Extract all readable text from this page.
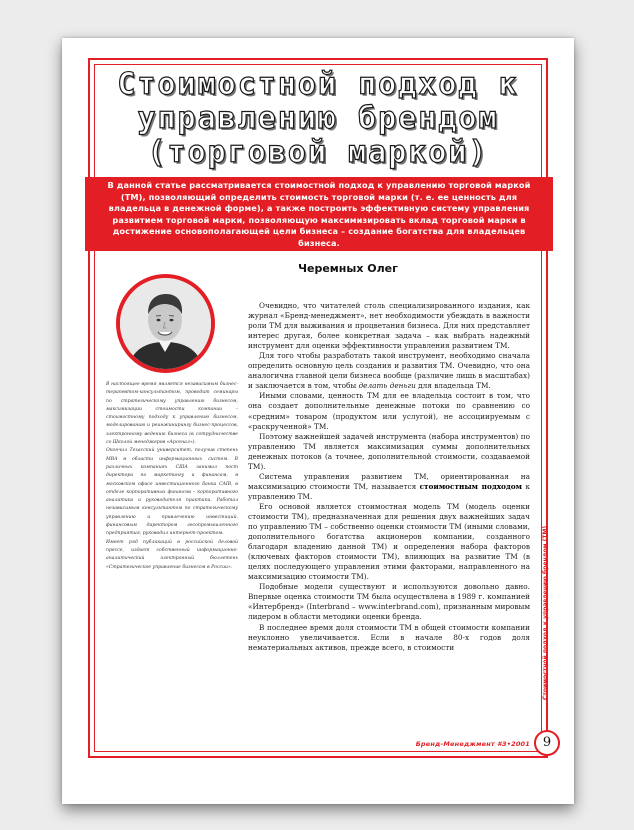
Стоимостной подход к управлению брендом (торговой маркой)
В данной статье рассматривается стоимостной подход к управлению торговой маркой (ТМ), позволяющий определить стоимость торговой марки (т. е. ее ценность для владельца в денежной форме), а также построить эффективную систему управления развитием торговой марки, позволяющую максимизировать вклад торговой марки в достижение основополагающей цели бизнеса – создание богатства для владельцев бизнеса.
Черемных Олег

В настоящее время является независимым бизнес-терапевтом-консультантом, проводит семинары по стратегическому управлению бизнесом, максимизации стоимости компании – стоимостному подходу к управлению бизнесом, моделированию и реинжинирингу бизнес-процессов, электронному ведению бизнеса (в сотрудничестве со Школой менеджеров «Арсенал»).

Окончил Техасский университет, получив степень MBA в области информационных систем. В различных компаниях США занимал пост директора по маркетингу и финансам, в московском офисе инвестиционного банка CAIB, в отделе корпоративных финансов – корпоративного аналитика и руководителя практики. Работал независимым консультантом по стратегическому управлению и привлечению инвестиций, финансовым директором лесопромышленного предприятия, руководил интернет-проектом.

Имеет ряд публикаций в российской деловой прессе, издает собственный информационно-аналитический электронный бюллетень «Стратегическое управление бизнесом в России».

Очевидно, что читателей столь специализированного издания, как журнал «Бренд-менеджмент», нет необходимости убеждать в важности роли ТМ для выживания и процветания бизнеса. Для них представляет интерес другая, более конкретная задача – как выбрать надежный инструмент для оценки эффективности управления развитием ТМ.

Для того чтобы разработать такой инструмент, необходимо сначала определить основную цель создания и развития ТМ. Очевидно, что она аналогична главной цели бизнеса вообще (различие лишь в масштабах) и заключается в том, чтобы делать деньги для владельца ТМ.

Иными словами, ценность ТМ для ее владельца состоит в том, что она создает дополнительные денежные потоки по сравнению со «средним» товаром (продуктом или услугой), не ассоциируемым с «раскрученной» ТМ.

Поэтому важнейшей задачей инструмента (набора инструментов) по управлению ТМ является максимизация суммы дополнительных денежных потоков (а точнее, дополнительной стоимости, создаваемой ТМ).

Система управления развитием ТМ, ориентированная на максимизацию стоимости ТМ, называется стоимостным подходом к управлению ТМ.

Его основой является стоимостная модель ТМ (модель оценки стоимости ТМ), предназначенная для решения двух важнейших задач по управлению ТМ – собственно оценки стоимости ТМ (иными словами, дополнительного богатства акционеров компании, созданного благодаря владению данной ТМ) и определения набора факторов (ключевых факторов стоимости ТМ), влияющих на развитие ТМ (в целях последующего управления этими факторами, направленного на максимизацию стоимости ТМ).

Подобные модели существуют и используются довольно давно. Впервые оценка стоимости ТМ была осуществлена в 1989 г. компанией «Интербренд» (Interbrand – www.interbrand.com), признанным мировым лидером в области методики оценки бренда.

В последнее время доля стоимости ТМ в общей стоимости компании неуклонно увеличивается. Если в начале 80-х годов доля нематериальных активов, прежде всего, в стоимости	Стоимостной подход к управлению брендом (ТМ)
Бренд-Менеджмент #3•2001 9
